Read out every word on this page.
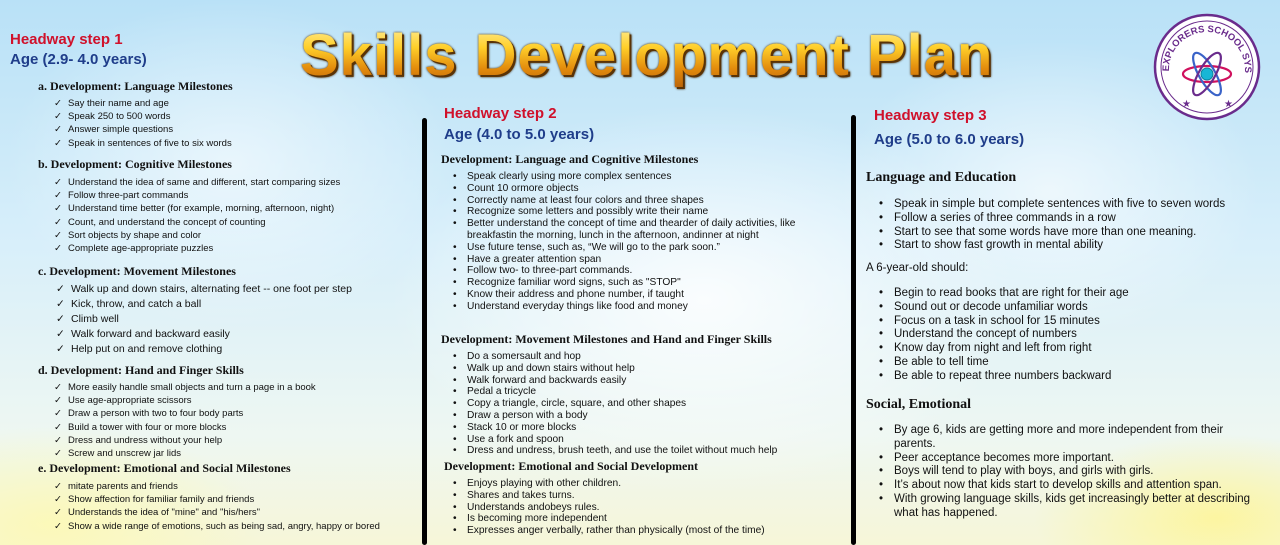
Skills Development Plan	EXPLORERS SCHOOL SYS
★	★
Headway step 1
Age (2.9- 4.0 years)
a. Development: Language Milestones
✓ Say their name and age
✓ Speak 250 to 500 words
✓ Answer simple questions
✓ Speak in sentences of five to six words
b. Development: Cognitive Milestones
✓ Understand the idea of same and different, start comparing sizes
✓ Follow three-part commands
✓ Understand time better (for example, morning, afternoon, night)
✓ Count, and understand the concept of counting
✓ Sort objects by shape and color
✓ Complete age-appropriate puzzles
c. Development: Movement Milestones
✓ Walk up and down stairs, alternating feet -- one foot per step
✓ Kick, throw, and catch a ball
✓ Climb well
✓ Walk forward and backward easily
✓ Help put on and remove clothing
d. Development: Hand and Finger Skills
✓ More easily handle small objects and turn a page in a book
✓ Use age-appropriate scissors
✓ Draw a person with two to four body parts
✓ Build a tower with four or more blocks
✓ Dress and undress without your help
✓ Screw and unscrew jar lids
e. Development: Emotional and Social Milestones
✓ mitate parents and friends
✓ Show affection for familiar family and friends
✓ Understands the idea of "mine" and "his/hers"
✓ Show a wide range of emotions, such as being sad, angry, happy or bored
Headway step 2
Age (4.0 to 5.0 years)
Development: Language and Cognitive Milestones
• Speak clearly using more complex sentences
• Count 10 ormore objects
• Correctly name at least four colors and three shapes
• Recognize some letters and possibly write their name
• Better understand the concept of time and thearder of daily activities, like breakfastin the morning, lunch in the afternoon, andinner at night
• Use future tense, such as, “We will go to the park soon.”
• Have a greater attention span
• Follow two- to three-part commands.
• Recognize familiar word signs, such as "STOP"
• Know their address and phone number, if taught
• Understand everyday things like food and money
Development: Movement Milestones and Hand and Finger Skills
• Do a somersault and hop
• Walk up and down stairs without help
• Walk forward and backwards easily
• Pedal a tricycle
• Copy a triangle, circle, square, and other shapes
• Draw a person with a body
• Stack 10 or more blocks
• Use a fork and spoon
• Dress and undress, brush teeth, and use the toilet without much help
Development: Emotional and Social Development
• Enjoys playing with other children.
• Shares and takes turns.
• Understands andobeys rules.
• Is becoming more independent
• Expresses anger verbally, rather than physically (most of the time)
Headway step 3
Age (5.0 to 6.0 years)
Language and Education
• Speak in simple but complete sentences with five to seven words
• Follow a series of three commands in a row
• Start to see that some words have more than one meaning.
• Start to show fast growth in mental ability
A 6-year-old should:
• Begin to read books that are right for their age
• Sound out or decode unfamiliar words
• Focus on a task in school for 15 minutes
• Understand the concept of numbers
• Know day from night and left from right
• Be able to tell time
• Be able to repeat three numbers backward
Social, Emotional
• By age 6, kids are getting more and more independent from their parents.
• Peer acceptance becomes more important.
• Boys will tend to play with boys, and girls with girls.
• It’s about now that kids start to develop skills and attention span.
• With growing language skills, kids get increasingly better at describing what has happened.
